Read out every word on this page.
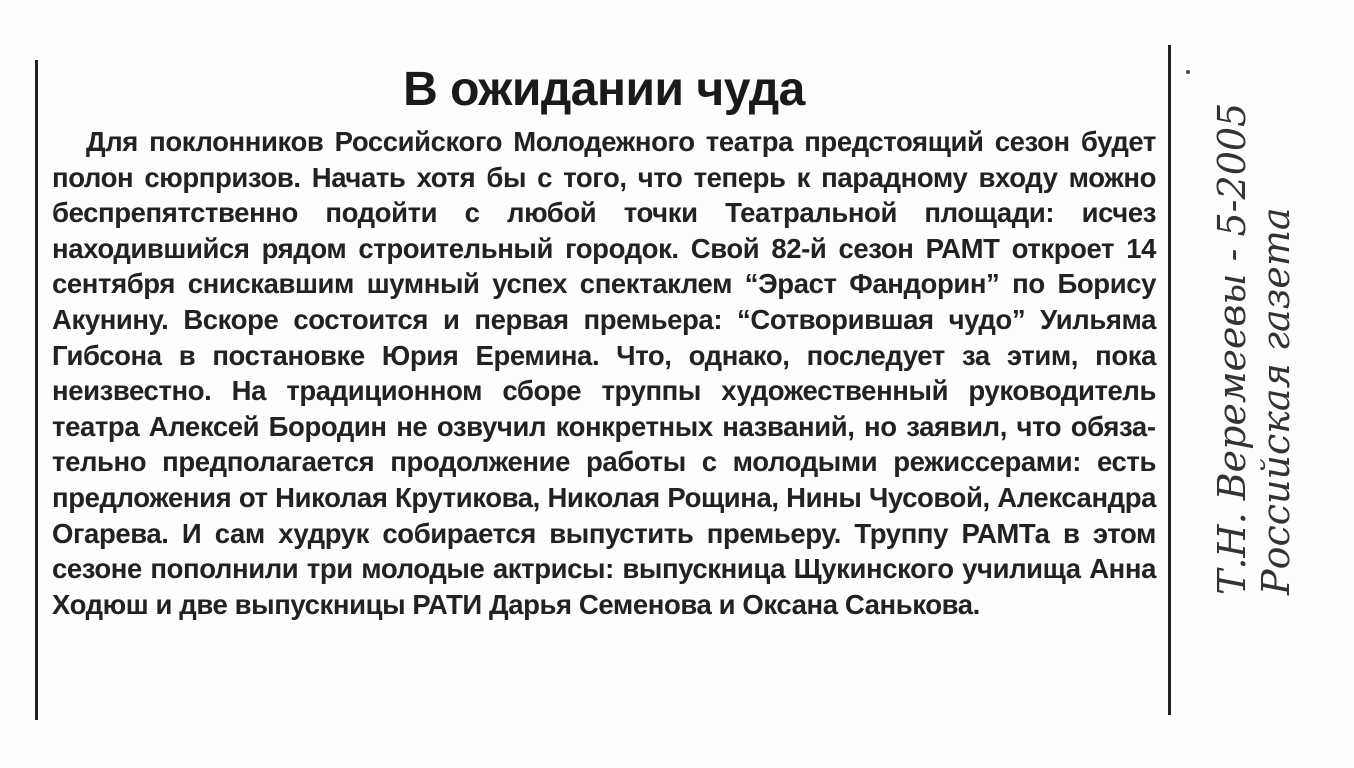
В ожидании чуда

Для поклонников Российского Молодежного театра предстоящий сезон будет полон сюрпризов. Начать хотя бы с того, что теперь к парадному входу можно беспрепятственно подойти с любой точки Театральной площади: исчез находившийся рядом строительный городок. Свой 82-й сезон РАМТ откроет 14 сентября снискавшим шумный успех спектаклем “Эраст Фандорин” по Борису Акунину. Вскоре состоится и первая премьера: “Сотворившая чудо” Уильяма Гибсона в постановке Юрия Еремина. Что, однако, последует за этим, пока неизвестно. На традиционном сборе труппы художественный руководитель театра Алексей Бородин не озвучил конкретных названий, но заявил, что обязательно предполагается продолжение работы с молодыми режиссерами: есть предложения от Николая Крутикова, Николая Рощина, Нины Чусовой, Александра Огарева. И сам худрук собирается выпустить премьеру. Труппу РАМТа в этом сезоне пополнили три молодые актрисы: выпускница Щукинского училища Анна Ходюш и две выпускницы РАТИ Дарья Семенова и Оксана Санькова.

Т.Н. Веремеевы - 5-2005 Российская газета
